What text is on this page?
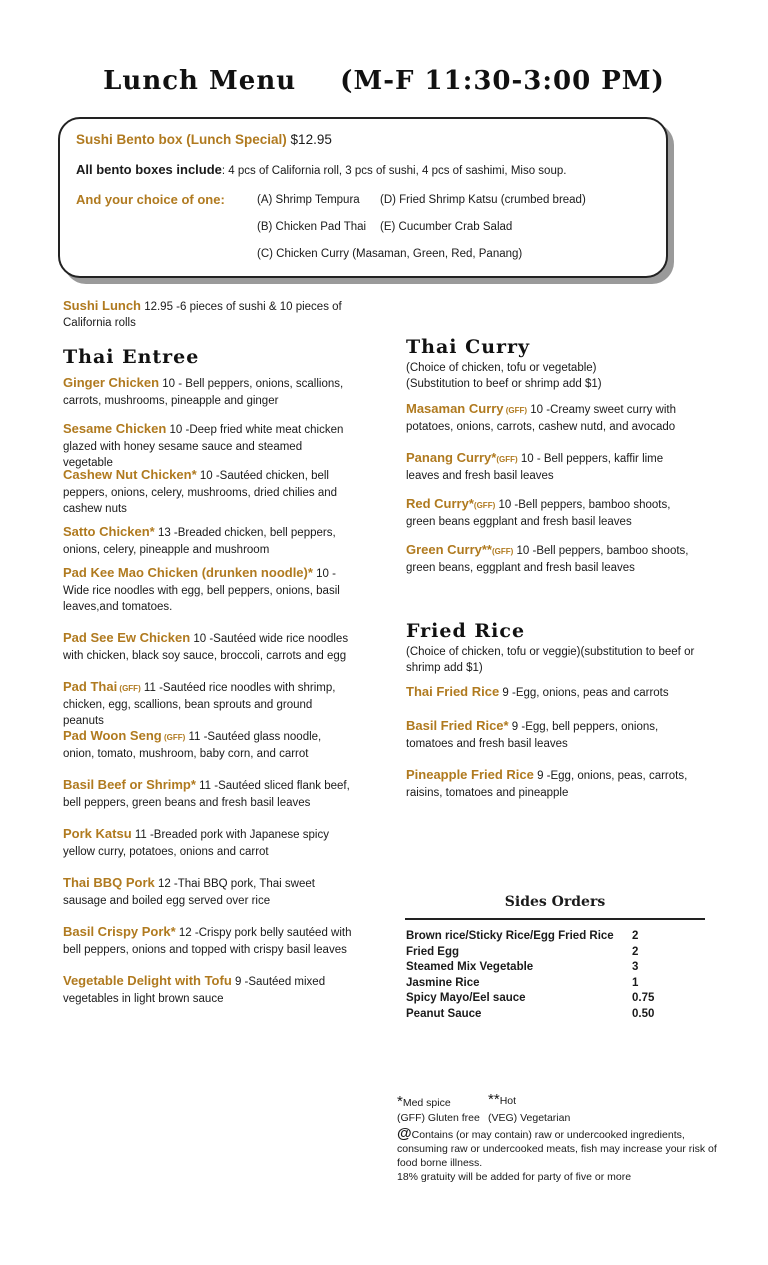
Lunch Menu (M-F 11:30-3:00 PM)
Sushi Bento box (Lunch Special) $12.95
All bento boxes include: 4 pcs of California roll, 3 pcs of sushi, 4 pcs of sashimi, Miso soup.
And your choice of one:	(A) Shrimp Tempura (D) Fried Shrimp Katsu (crumbed bread)
(B) Chicken Pad Thai (E) Cucumber Crab Salad
(C) Chicken Curry (Masaman, Green, Red, Panang)
Sushi Lunch 12.95 -6 pieces of sushi & 10 pieces of California rolls
Thai Entree
Ginger Chicken 10 - Bell peppers, onions, scallions, carrots, mushrooms, pineapple and ginger
Sesame Chicken 10 -Deep fried white meat chicken glazed with honey sesame sauce and steamed vegetable
Cashew Nut Chicken* 10 -Sautéed chicken, bell peppers, onions, celery, mushrooms, dried chilies and cashew nuts
Satto Chicken* 13 -Breaded chicken, bell peppers, onions, celery, pineapple and mushroom
Pad Kee Mao Chicken (drunken noodle)* 10 - Wide rice noodles with egg, bell peppers, onions, basil leaves,and tomatoes.
Pad See Ew Chicken 10 -Sautéed wide rice noodles with chicken, black soy sauce, broccoli, carrots and egg
Pad Thai (GFF) 11 -Sautéed rice noodles with shrimp, chicken, egg, scallions, bean sprouts and ground peanuts
Pad Woon Seng (GFF) 11 -Sautéed glass noodle, onion, tomato, mushroom, baby corn, and carrot
Basil Beef or Shrimp* 11 -Sautéed sliced flank beef, bell peppers, green beans and fresh basil leaves
Pork Katsu 11 -Breaded pork with Japanese spicy yellow curry, potatoes, onions and carrot
Thai BBQ Pork 12 -Thai BBQ pork, Thai sweet sausage and boiled egg served over rice
Basil Crispy Pork* 12 -Crispy pork belly sautéed with bell peppers, onions and topped with crispy basil leaves
Vegetable Delight with Tofu 9 -Sautéed mixed vegetables in light brown sauce
Thai Curry
(Choice of chicken, tofu or vegetable)
(Substitution to beef or shrimp add $1)
Masaman Curry (GFF) 10 -Creamy sweet curry with potatoes, onions, carrots, cashew nutd, and avocado
Panang Curry*(GFF) 10 - Bell peppers, kaffir lime leaves and fresh basil leaves
Red Curry*(GFF) 10 -Bell peppers, bamboo shoots, green beans eggplant and fresh basil leaves
Green Curry**(GFF) 10 -Bell peppers, bamboo shoots, green beans, eggplant and fresh basil leaves
Fried Rice
(Choice of chicken, tofu or veggie)(substitution to beef or shrimp add $1)
Thai Fried Rice 9 -Egg, onions, peas and carrots
Basil Fried Rice* 9 -Egg, bell peppers, onions, tomatoes and fresh basil leaves
Pineapple Fried Rice 9 -Egg, onions, peas, carrots, raisins, tomatoes and pineapple
Sides Orders
Brown rice/Sticky Rice/Egg Fried Rice 2
Fried Egg	2
Steamed Mix Vegetable	3
Jasmine Rice	1
Spicy Mayo/Eel sauce	0.75
Peanut Sauce	0.50
*Med spice **Hot
(GFF) Gluten free (VEG) Vegetarian
@Contains (or may contain) raw or undercooked ingredients, consuming raw or undercooked meats, fish may increase your risk of food borne illness.
18% gratuity will be added for party of five or more
